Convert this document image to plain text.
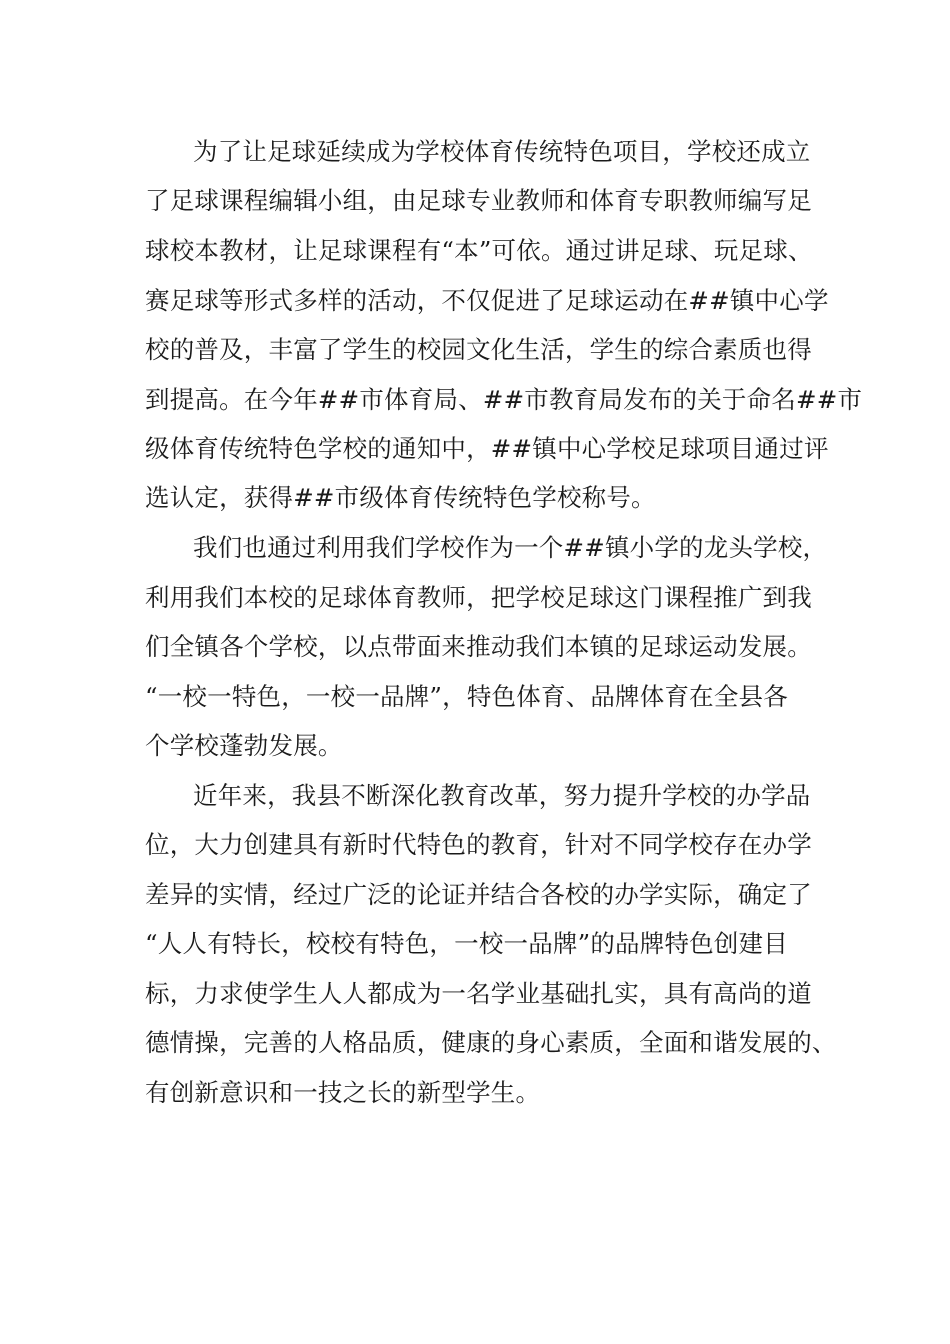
为了让足球延续成为学校体育传统特色项目，学校还成立
了足球课程编辑小组，由足球专业教师和体育专职教师编写足
球校本教材，让足球课程有“本”可依。通过讲足球、玩足球、
赛足球等形式多样的活动，不仅促进了足球运动在##镇中心学
校的普及，丰富了学生的校园文化生活，学生的综合素质也得
到提高。在今年##市体育局、##市教育局发布的关于命名##市
级体育传统特色学校的通知中，##镇中心学校足球项目通过评
选认定，获得##市级体育传统特色学校称号。
我们也通过利用我们学校作为一个##镇小学的龙头学校，
利用我们本校的足球体育教师，把学校足球这门课程推广到我
们全镇各个学校，以点带面来推动我们本镇的足球运动发展。
“一校一特色，一校一品牌”，特色体育、品牌体育在全县各
个学校蓬勃发展。
近年来，我县不断深化教育改革，努力提升学校的办学品
位，大力创建具有新时代特色的教育，针对不同学校存在办学
差异的实情，经过广泛的论证并结合各校的办学实际，确定了
“人人有特长，校校有特色，一校一品牌”的品牌特色创建目
标，力求使学生人人都成为一名学业基础扎实，具有高尚的道
德情操，完善的人格品质，健康的身心素质，全面和谐发展的、
有创新意识和一技之长的新型学生。
